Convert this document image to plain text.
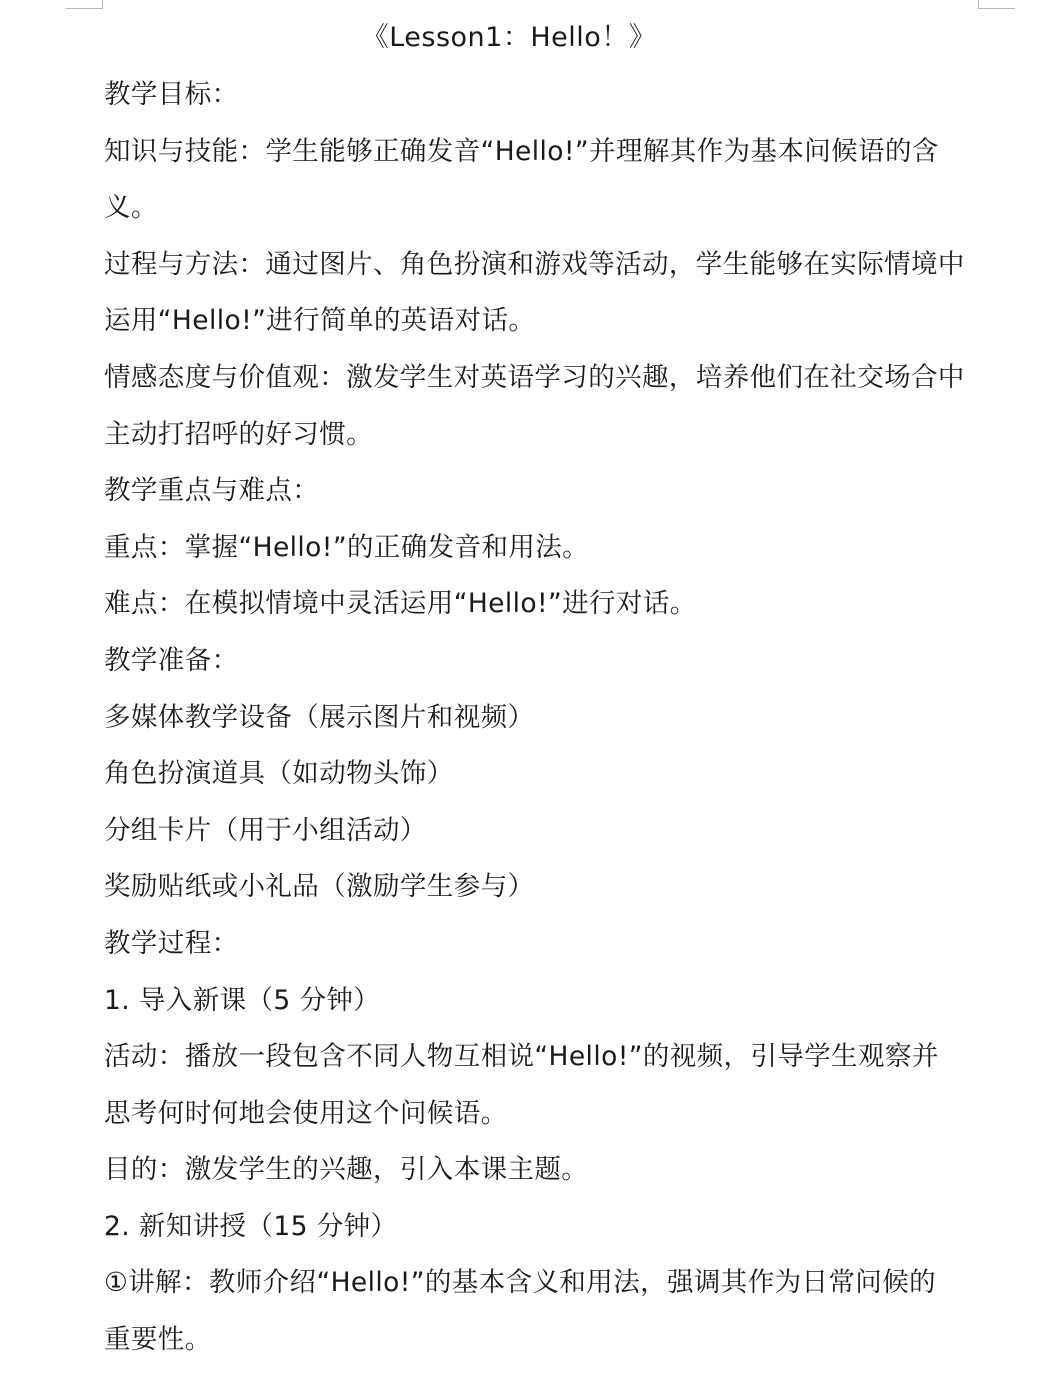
《Lesson1：Hello！》
教学目标：
知识与技能：学生能够正确发音“Hello!”并理解其作为基本问候语的含
义。
过程与方法：通过图片、角色扮演和游戏等活动，学生能够在实际情境中
运用“Hello!”进行简单的英语对话。
情感态度与价值观：激发学生对英语学习的兴趣，培养他们在社交场合中
主动打招呼的好习惯。
教学重点与难点：
重点：掌握“Hello!”的正确发音和用法。
难点：在模拟情境中灵活运用“Hello!”进行对话。
教学准备：
多媒体教学设备（展示图片和视频）
角色扮演道具（如动物头饰）
分组卡片（用于小组活动）
奖励贴纸或小礼品（激励学生参与）
教学过程：
1. 导入新课（5 分钟）
活动：播放一段包含不同人物互相说“Hello!”的视频，引导学生观察并
思考何时何地会使用这个问候语。
目的：激发学生的兴趣，引入本课主题。
2. 新知讲授（15 分钟）
①讲解：教师介绍“Hello!”的基本含义和用法，强调其作为日常问候的
重要性。
